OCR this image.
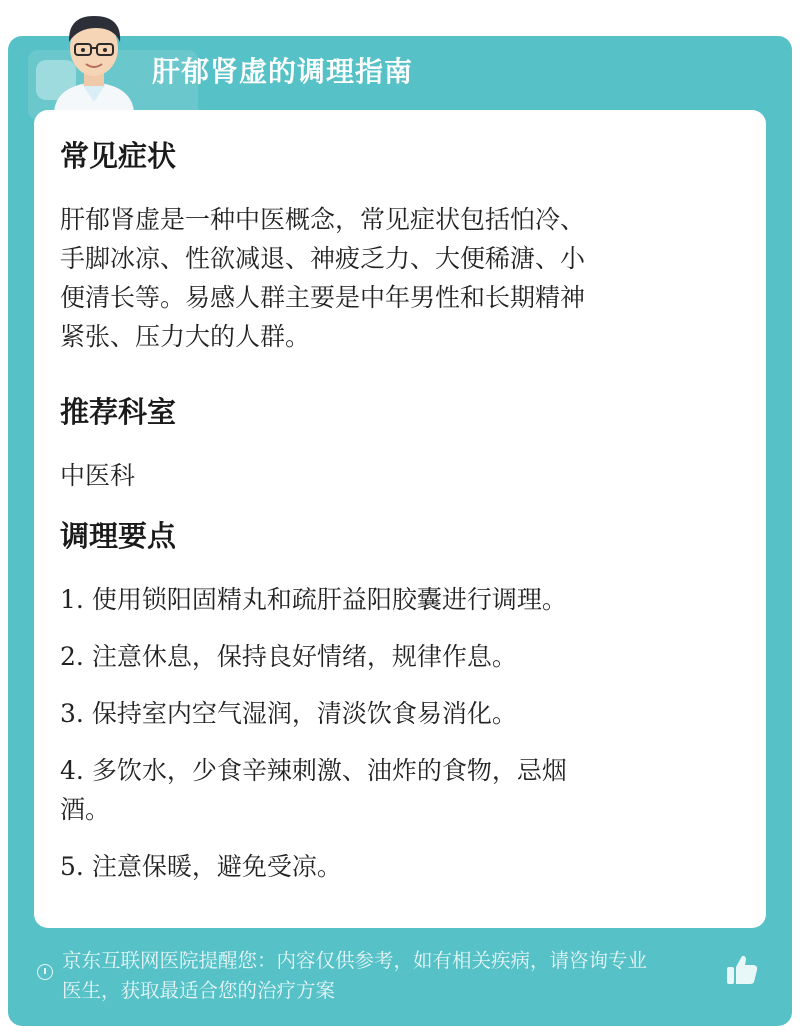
肝郁肾虚的调理指南
常见症状
肝郁肾虚是一种中医概念，常见症状包括怕冷、
手脚冰凉、性欲减退、神疲乏力、大便稀溏、小
便清长等。易感人群主要是中年男性和长期精神
紧张、压力大的人群。
推荐科室
中医科
调理要点
1. 使用锁阳固精丸和疏肝益阳胶囊进行调理。
2. 注意休息，保持良好情绪，规律作息。
3. 保持室内空气湿润，清淡饮食易消化。
4. 多饮水，少食辛辣刺激、油炸的食物，忌烟
酒。
5. 注意保暖，避免受凉。
京东互联网医院提醒您：内容仅供参考，如有相关疾病，请咨询专业
医生，获取最适合您的治疗方案
